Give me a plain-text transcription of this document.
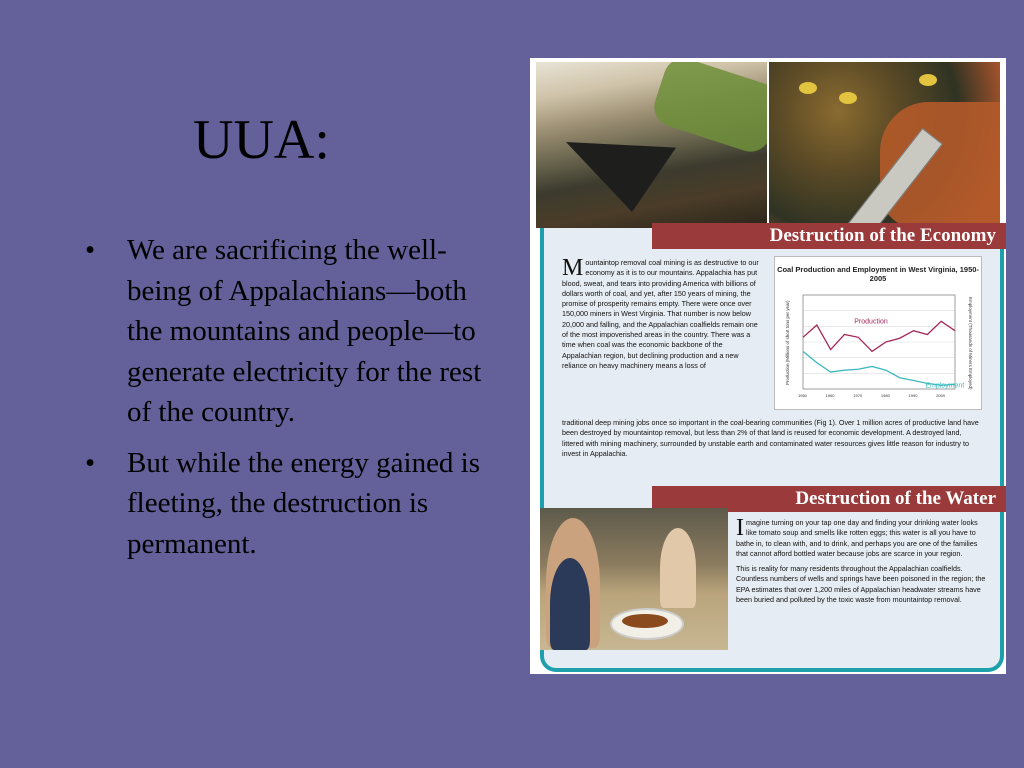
UUA:
• We are sacrificing the well-being of Appalachians—both the mountains and people—to generate electricity for the rest of the country.
• But while the energy gained is fleeting, the destruction is permanent.
Destruction of the Economy
Mountaintop removal coal mining is as destructive to our economy as it is to our mountains. Appalachia has put blood, sweat, and tears into providing America with billions of dollars worth of coal, and yet, after 150 years of mining, the promise of prosperity remains empty. There were once over 150,000 miners in West Virginia. That number is now below 20,000 and falling, and the Appalachian coalfields remain one of the most impoverished areas in the country. There was a time when coal was the economic backbone of the Appalachian region, but declining production and a new reliance on heavy machinery means a loss of
Production
Employment
Production (Millions of short tons per year)	Employment (Thousands of Miners Employed)
1950	1960	1970	1980	1990	2000
Coal Production and Employment in West Virginia, 1950-2005
traditional deep mining jobs once so important in the coal-bearing communities (Fig 1). Over 1 million acres of productive land have been destroyed by mountaintop removal, but less than 2% of that land is reused for economic development. A destroyed land, littered with mining machinery, surrounded by unstable earth and contaminated water resources gives little reason for industry to invest in Appalachia.
Destruction of the Water
Imagine turning on your tap one day and finding your drinking water looks like tomato soup and smells like rotten eggs; this water is all you have to bathe in, to clean with, and to drink, and perhaps you are one of the families that cannot afford bottled water because jobs are scarce in your region.
This is reality for many residents throughout the Appalachian coalfields. Countless numbers of wells and springs have been poisoned in the region; the EPA estimates that over 1,200 miles of Appalachian headwater streams have been buried and polluted by the toxic waste from mountaintop removal.
